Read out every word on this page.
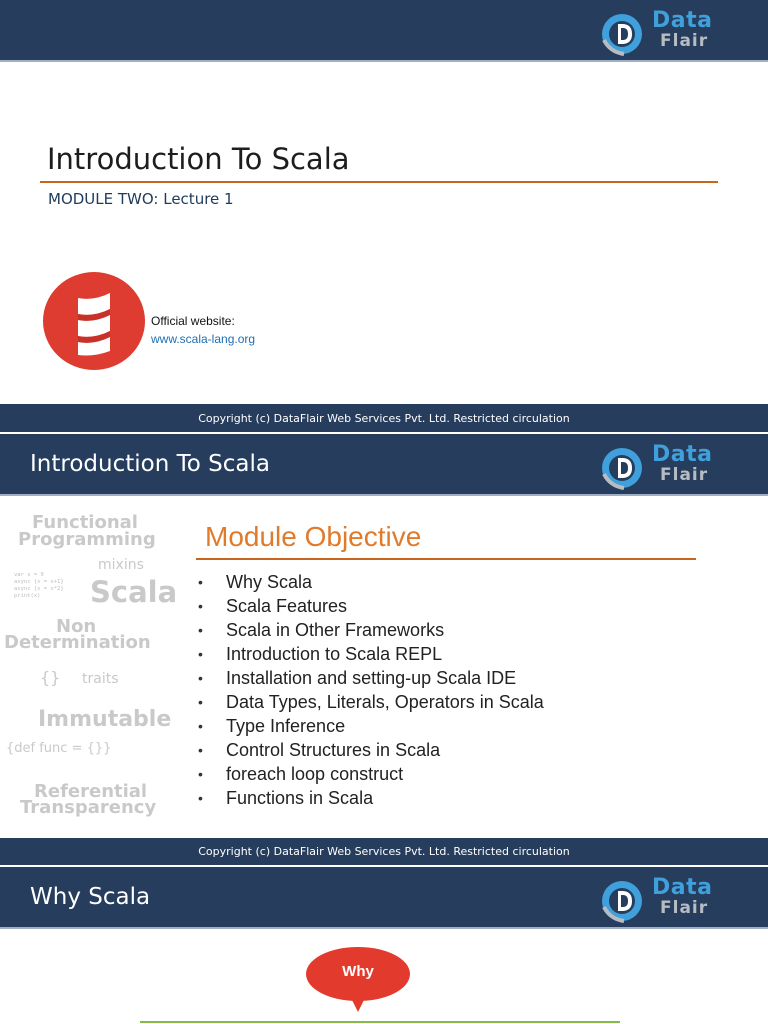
Data
Flair
Introduction To Scala
MODULE TWO: Lecture 1
Official website:
www.scala-lang.org
Copyright (c) DataFlair Web Services Pvt. Ltd. Restricted circulation
Introduction To Scala	Data
Flair
Functional
Programming
mixins
var x = 0
async {x = x+1}
async {x = x*2}
print(x)	Scala
Non
Determination
{} traits
Immutable
{def func = {}}
Referential
Transparency
Module Objective
• Why Scala
• Scala Features
• Scala in Other Frameworks
• Introduction to Scala REPL
• Installation and setting-up Scala IDE
• Data Types, Literals, Operators in Scala
• Type Inference
• Control Structures in Scala
• foreach loop construct
• Functions in Scala
Copyright (c) DataFlair Web Services Pvt. Ltd. Restricted circulation
Why Scala	Data
Flair
Why
